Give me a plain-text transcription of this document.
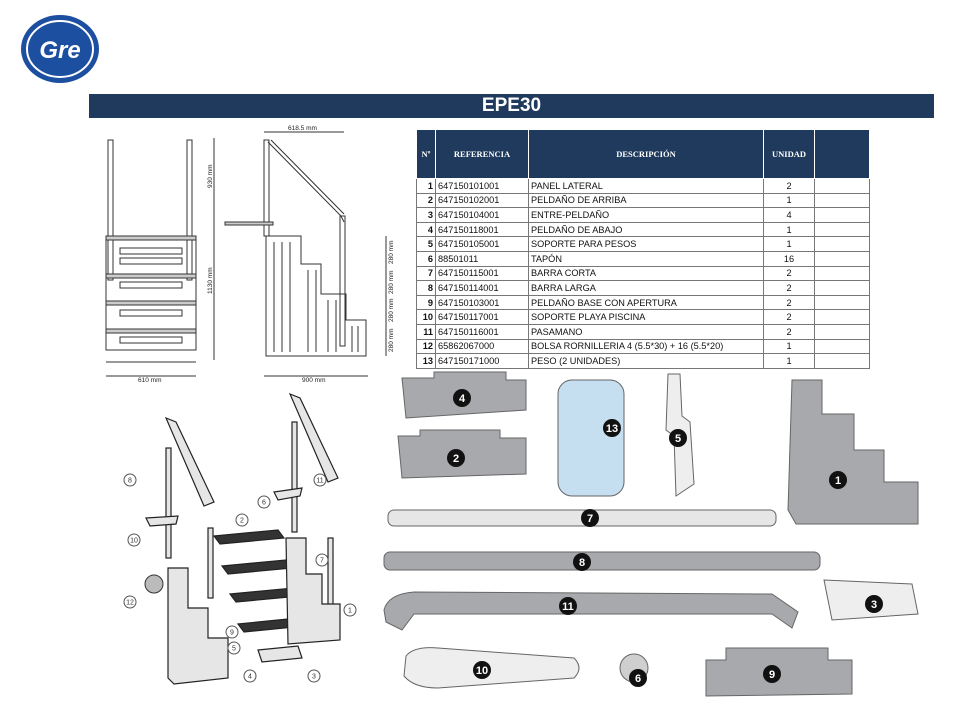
Gre
EPE30
618.5 mm
930 mm
1130 mm
280 mm
280 mm
280 mm
280 mm
610 mm	900 mm
Nº	REFERENCIA	DESCRIPCIÓN	UNIDAD	
1	647150101001	PANEL LATERAL	2	
2	647150102001	PELDAÑO DE ARRIBA	1	
3	647150104001	ENTRE-PELDAÑO	4	
4	647150118001	PELDAÑO DE ABAJO	1	
5	647150105001	SOPORTE PARA PESOS	1	
6	88501011	TAPÓN	16	
7	647150115001	BARRA CORTA	2	
8	647150114001	BARRA LARGA	2	
9	647150103001	PELDAÑO BASE CON APERTURA	2	
10	647150117001	SOPORTE PLAYA PISCINA	2	
11	647150116001	PASAMANO	2	
12	65862067000	BOLSA RORNILLERIA 4 (5.5*30) + 16 (5.5*20)	1	
13	647150171000	PESO (2 UNIDADES)	1	
1
2
3
4
5
6
7
8
9
10
11
12
4
2
13
5
1
7
8
11	3
10
6	9
